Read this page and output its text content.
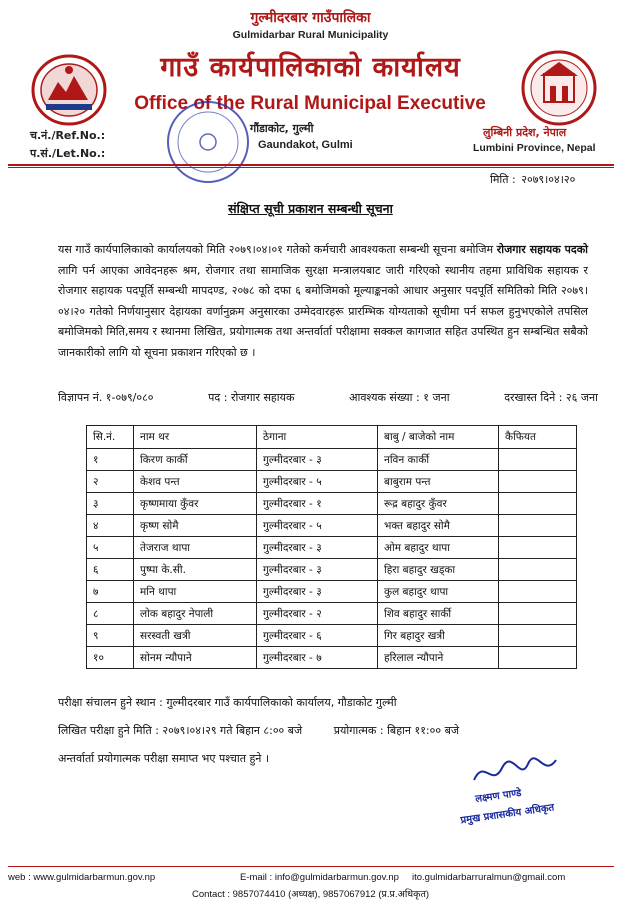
गुल्मीदरबार गाउँपालिका
Gulmidarbar Rural Municipality
गाउँ कार्यपालिकाको कार्यालय
Office of the Rural Municipal Executive
गौंडाकोट, गुल्मी
Gaundakot, Gulmi
च.नं./Ref.No.:
प.सं./Let.No.:
लुम्बिनी प्रदेश, नेपाल
Lumbini Province, Nepal
मिति : २०७९।०४।२०
संक्षिप्त सूची प्रकाशन सम्बन्धी सूचना
यस गाउँ कार्यपालिकाको कार्यालयको मिति २०७९।०४।०१ गतेको कर्मचारी आवश्यकता सम्बन्धी सूचना बमोजिम रोजगार सहायक पदको लागि पर्न आएका आवेदनहरू श्रम, रोजगार तथा सामाजिक सुरक्षा मन्त्रालयबाट जारी गरिएको स्थानीय तहमा प्राविधिक सहायक र रोजगार सहायक पदपूर्ति सम्बन्धी मापदण्ड, २०७८ को दफा ६ बमोजिमको मूल्याङ्कनको आधार अनुसार पदपूर्ति समितिको मिति २०७९।०४।२० गतेको निर्णयानुसार देहायका वर्णानुक्रम अनुसारका उम्मेदवारहरू प्रारम्भिक योग्यताको सूचीमा पर्न सफल हुनुभएकोले तपसिल बमोजिमको मिति,समय र स्थानमा लिखित, प्रयोगात्मक तथा अन्तर्वार्ता परीक्षामा सक्कल कागजात सहित उपस्थित हुन सम्बन्धित सबैको जानकारीको लागि यो सूचना प्रकाशन गरिएको छ ।
विज्ञापन नं. १-०७९/०८०	पद : रोजगार सहायक	आवश्यक संख्या : १ जना	दरखास्त दिने : २६ जना
सि.नं.	नाम थर	ठेगाना	बाबु / बाजेको नाम	कैफियत
१	किरण कार्की	गुल्मीदरबार - ३	नविन कार्की	
२	केशव पन्त	गुल्मीदरबार - ५	बाबुराम पन्त	
३	कृष्णमाया कुँवर	गुल्मीदरबार - १	रूद्र बहादुर कुँवर	
४	कृष्ण सोमै	गुल्मीदरबार - ५	भक्त बहादुर सोमै	
५	तेजराज थापा	गुल्मीदरबार - ३	ओम बहादुर थापा	
६	पुष्पा के.सी.	गुल्मीदरबार - ३	हिरा बहादुर खड्का	
७	मनि थापा	गुल्मीदरबार - ३	कुल बहादुर थापा	
८	लोक बहादुर नेपाली	गुल्मीदरबार - २	शिव बहादुर सार्की	
९	सरस्वती खत्री	गुल्मीदरबार - ६	गिर बहादुर खत्री	
१०	सोनम न्यौपाने	गुल्मीदरबार - ७	हरिलाल न्यौपाने	
परीक्षा संचालन हुने स्थान : गुल्मीदरबार गाउँ कार्यपालिकाको कार्यालय, गौडाकोट गुल्मी
लिखित परीक्षा हुने मिति : २०७९।०४।२९ गते बिहान ८:०० बजे	प्रयोगात्मक : बिहान ११:०० बजे
अन्तर्वार्ता प्रयोगात्मक परीक्षा समाप्त भए पश्चात हुने ।
लक्ष्मण पाण्डे
प्रमुख प्रशासकीय अधिकृत
web : www.gulmidarbarmun.gov.np	E-mail : info@gulmidarbarmun.gov.np ito.gulmidarbarruralmun@gmail.com
Contact : 9857074410 (अध्यक्ष), 9857067912 (प्र.प्र.अधिकृत)
